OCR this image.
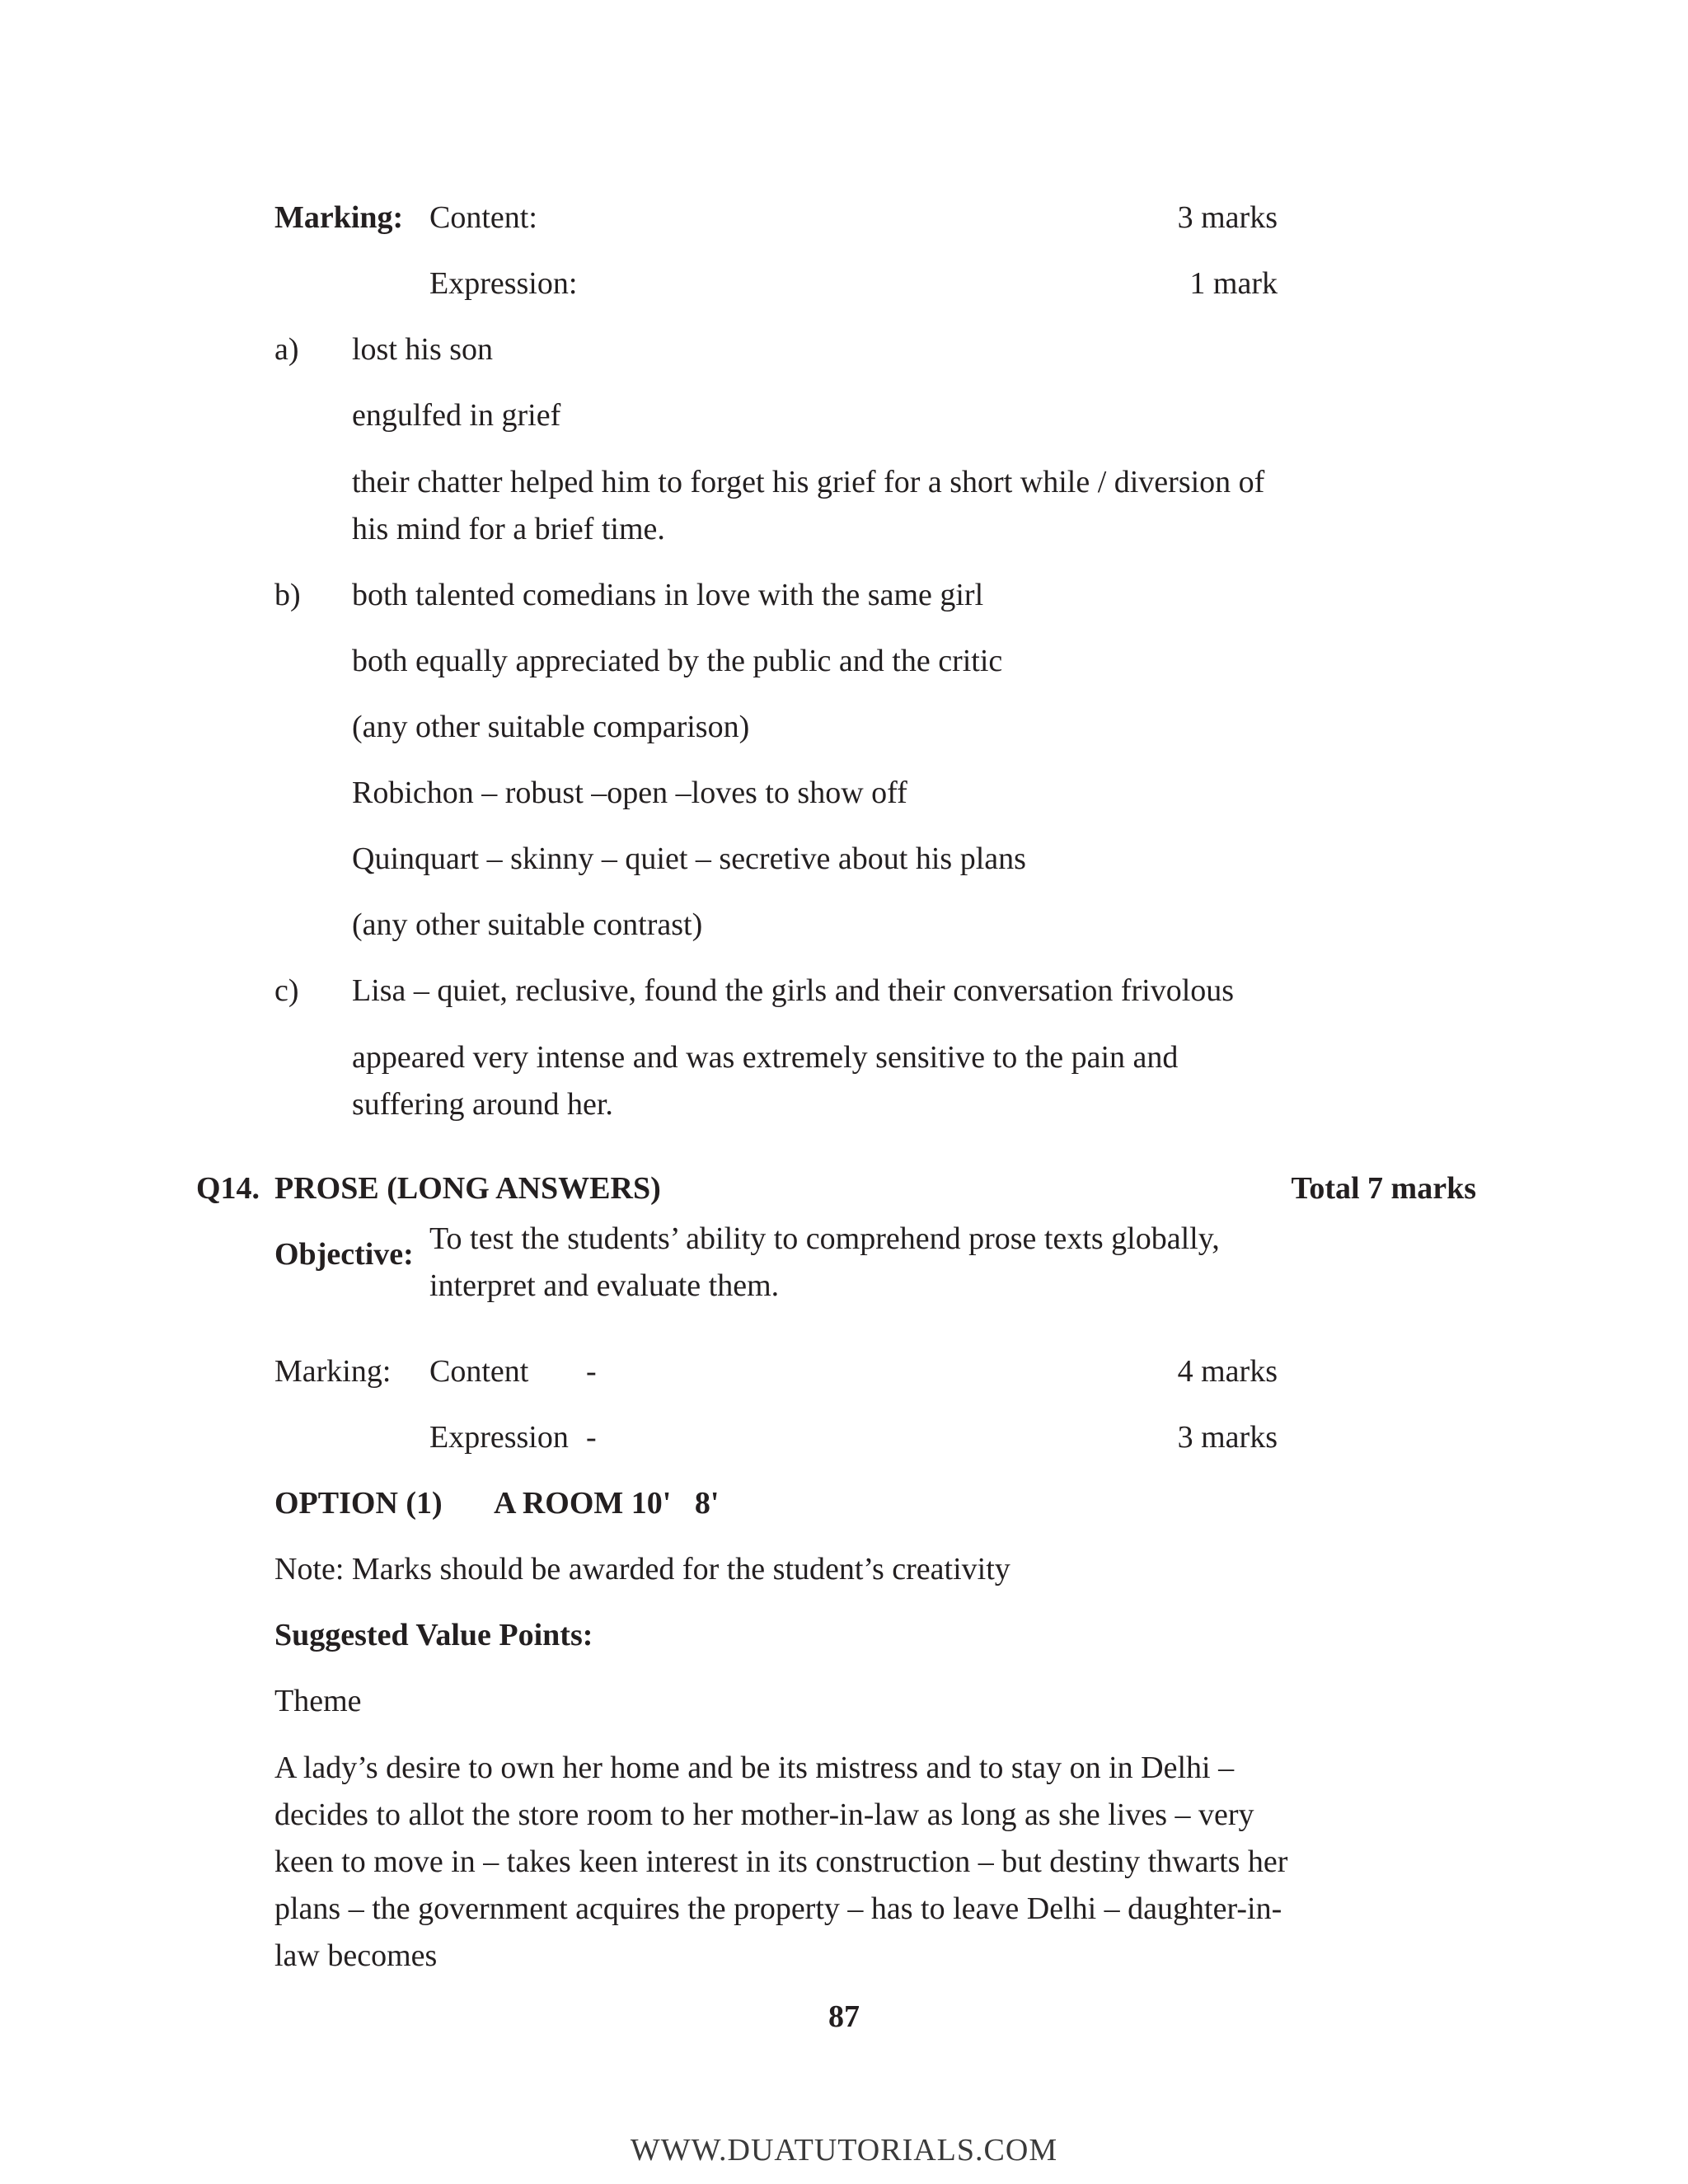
Marking: Content:	3 marks
Expression:	1 mark
a) lost his son
engulfed in grief
their chatter helped him to forget his grief for a short while / diversion of his mind for a brief time.
b) both talented comedians in love with the same girl
both equally appreciated by the public and the critic
(any other suitable comparison)
Robichon – robust –open –loves to show off
Quinquart – skinny – quiet – secretive about his plans
(any other suitable contrast)
c) Lisa – quiet, reclusive, found the girls and their conversation frivolous
appeared very intense and was extremely sensitive to the pain and suffering around her.
Q14. PROSE (LONG ANSWERS)	Total 7 marks
Objective: To test the students’ ability to comprehend prose texts globally, interpret and evaluate them.
Marking: Content -	4 marks
Expression -	3 marks
OPTION (1) A ROOM 10'   8'
Note: Marks should be awarded for the student’s creativity
Suggested Value Points:
Theme
A lady’s desire to own her home and be its mistress and to stay on in Delhi – decides to allot the store room to her mother-in-law as long as she lives – very keen to move in – takes keen interest in its construction – but destiny thwarts her plans – the government acquires the property – has to leave Delhi – daughter-in-law becomes
87
WWW.DUATUTORIALS.COM
